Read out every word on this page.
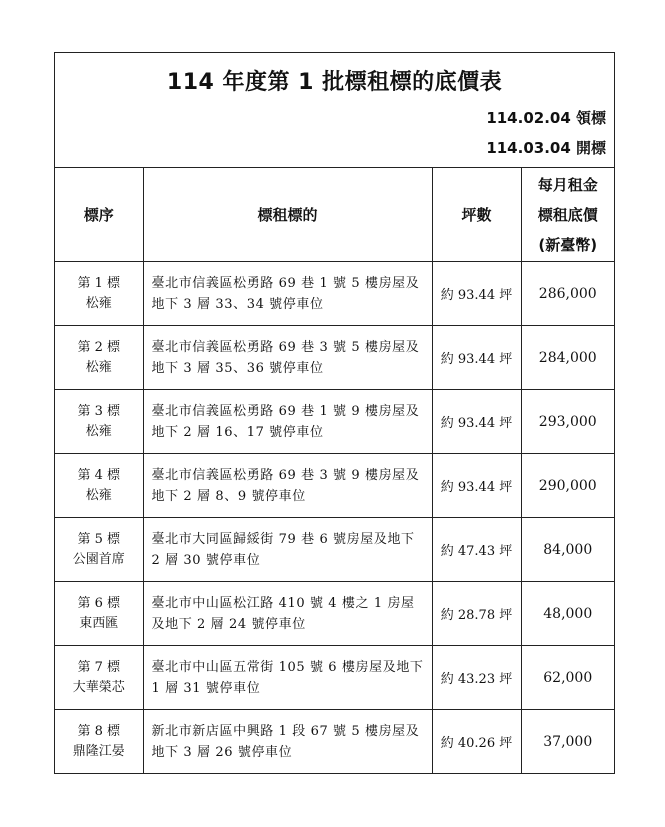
114 年度第 1 批標租標的底價表
114.02.04 領標
114.03.04 開標
標序	標租標的	坪數	每月租金
標租底價
(新臺幣)

第 1 標
松雍	臺北市信義區松勇路 69 巷 1 號 5 樓房屋及地下 3 層 33、34 號停車位	約 93.44 坪	286,000

第 2 標
松雍	臺北市信義區松勇路 69 巷 3 號 5 樓房屋及地下 3 層 35、36 號停車位	約 93.44 坪	284,000

第 3 標
松雍	臺北市信義區松勇路 69 巷 1 號 9 樓房屋及地下 2 層 16、17 號停車位	約 93.44 坪	293,000

第 4 標
松雍	臺北市信義區松勇路 69 巷 3 號 9 樓房屋及地下 2 層 8、9 號停車位	約 93.44 坪	290,000

第 5 標
公園首席	臺北市大同區歸綏街 79 巷 6 號房屋及地下 2 層 30 號停車位	約 47.43 坪	84,000

第 6 標
東西匯	臺北市中山區松江路 410 號 4 樓之 1 房屋及地下 2 層 24 號停車位	約 28.78 坪	48,000

第 7 標
大華榮芯	臺北市中山區五常街 105 號 6 樓房屋及地下 1 層 31 號停車位	約 43.23 坪	62,000

第 8 標
鼎隆江晏	新北市新店區中興路 1 段 67 號 5 樓房屋及地下 3 層 26 號停車位	約 40.26 坪	37,000
